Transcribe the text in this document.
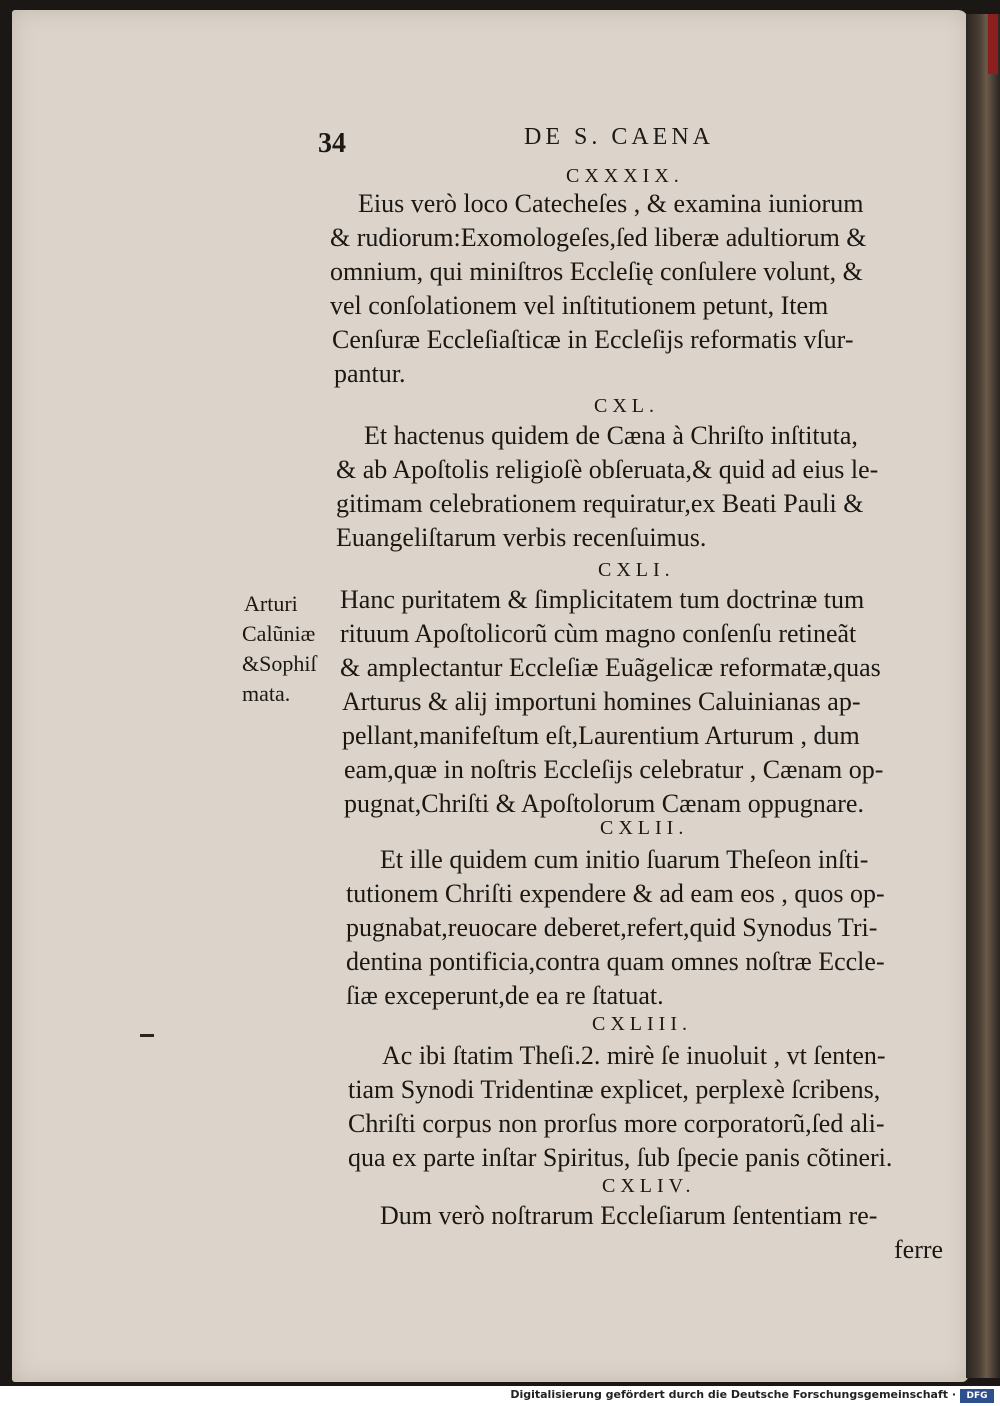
34	DE S. CAENA
CXXXIX.
Eius verò loco Catecheſes , & examina iuniorum
& rudiorum:Exomologeſes,ſed liberæ adultiorum &
omnium, qui miniſtros Eccleſię conſulere volunt, &
vel conſolationem vel inſtitutionem petunt, Item
Cenſuræ Eccleſiaſticæ in Eccleſijs reformatis vſur-
pantur.
CXL.
Et hactenus quidem de Cæna à Chriſto inſtituta,
& ab Apoſtolis religioſè obſeruata,& quid ad eius le-
gitimam celebrationem requiratur,ex Beati Pauli &
Euangeliſtarum verbis recenſuimus.
CXLI.
Hanc puritatem & ſimplicitatem tum doctrinæ tum
rituum Apoſtolicorũ cùm magno conſenſu retineãt
& amplectantur Eccleſiæ Euãgelicæ reformatæ,quas
Arturus & alij importuni homines Caluinianas ap-
pellant,manifeſtum eſt,Laurentium Arturum , dum
eam,quæ in noſtris Eccleſijs celebratur , Cænam op-
pugnat,Chriſti & Apoſtolorum Cænam oppugnare.
Arturi
Calũniæ
&Sophiſ
mata.
CXLII.
Et ille quidem cum initio ſuarum Theſeon inſti-
tutionem Chriſti expendere & ad eam eos , quos op-
pugnabat,reuocare deberet,refert,quid Synodus Tri-
dentina pontificia,contra quam omnes noſtræ Eccle-
ſiæ exceperunt,de ea re ſtatuat.
CXLIII.
Ac ibi ſtatim Theſi.2. mirè ſe inuoluit , vt ſenten-
tiam Synodi Tridentinæ explicet, perplexè ſcribens,
Chriſti corpus non prorſus more corporatorũ,ſed ali-
qua ex parte inſtar Spiritus, ſub ſpecie panis cõtineri.
CXLIV.
Dum verò noſtrarum Eccleſiarum ſententiam re-
ferre
Digitalisierung gefördert durch die Deutsche Forschungsgemeinschaft ·	DFG
